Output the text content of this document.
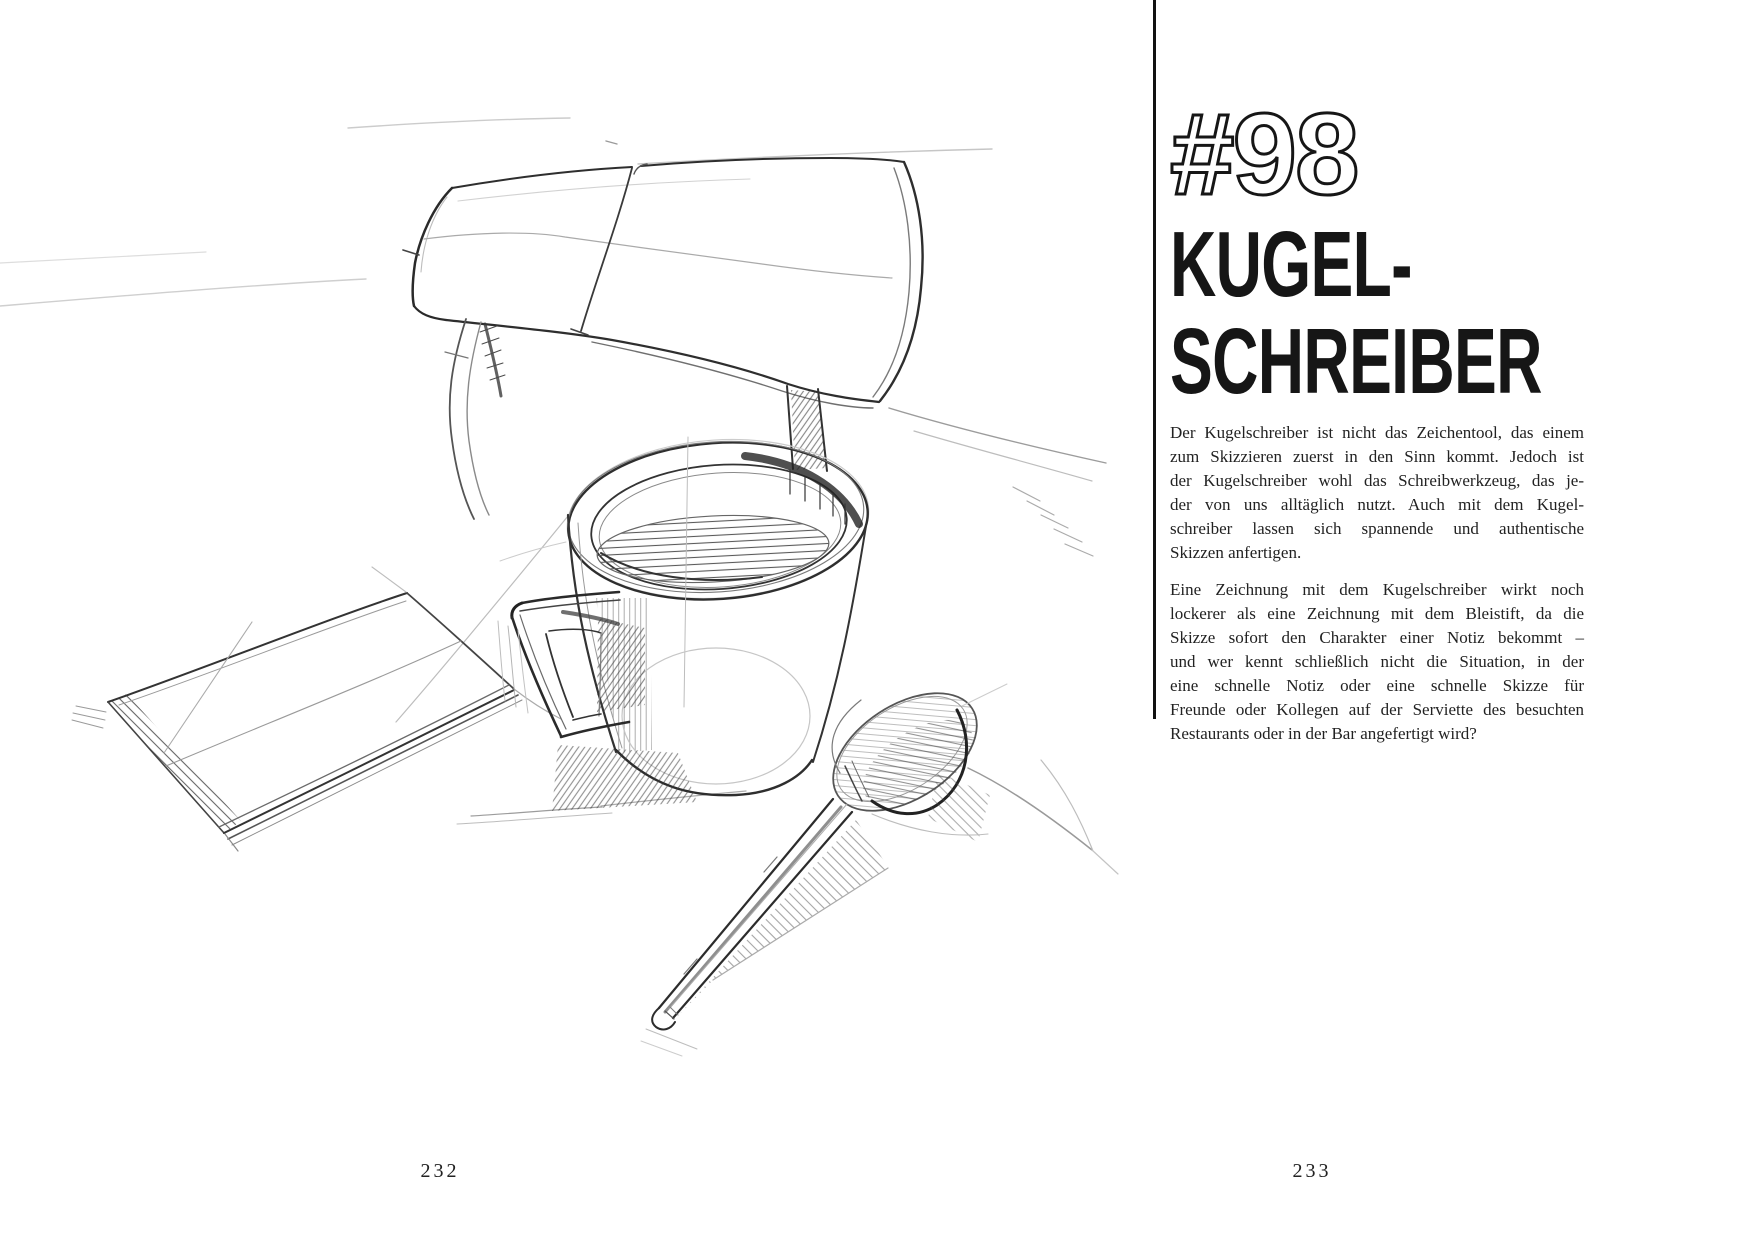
#98
KUGEL-
SCHREIBER
Der Kugelschreiber ist nicht das Zeichentool, das einem
zum Skizzieren zuerst in den Sinn kommt. Jedoch ist
der Kugelschreiber wohl das Schreibwerkzeug, das je-
der von uns alltäglich nutzt. Auch mit dem Kugel-
schreiber lassen sich spannende und authentische
Skizzen anfertigen.
Eine Zeichnung mit dem Kugelschreiber wirkt noch
lockerer als eine Zeichnung mit dem Bleistift, da die
Skizze sofort den Charakter einer Notiz bekommt –
und wer kennt schließlich nicht die Situation, in der
eine schnelle Notiz oder eine schnelle Skizze für
Freunde oder Kollegen auf der Serviette des besuchten
Restaurants oder in der Bar angefertigt wird?
232	233
